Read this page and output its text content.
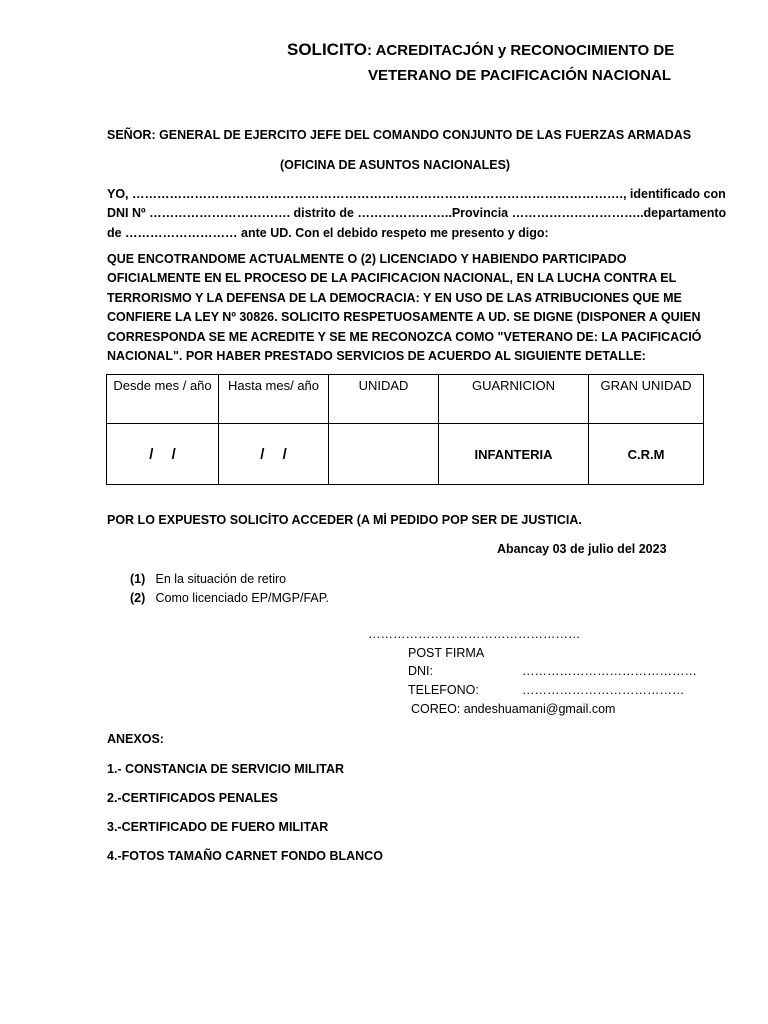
SOLICITO: ACREDITACJÓN y RECONOCIMIENTO DE
VETERANO DE PACIFICACIÓN NACIONAL
SEÑOR: GENERAL DE EJERCITO JEFE DEL COMANDO CONJUNTO DE LAS FUERZAS ARMADAS
(OFICINA DE ASUNTOS NACIONALES)
YO, ………………………………………………………………………………………………………., identificado con
DNI Nº ……………………………. distrito de …………………..Provincia …………………………..departamento
de ……………………… ante UD. Con el debido respeto me presento y digo:
QUE ENCOTRANDOME ACTUALMENTE O (2) LICENCIADO Y HABIENDO PARTICIPADO
OFICIALMENTE EN EL PROCESO DE LA PACIFICACION NACIONAL, EN LA LUCHA CONTRA EL
TERRORISMO Y LA DEFENSA DE LA DEMOCRACIA: Y EN USO DE LAS ATRIBUCIONES QUE ME
CONFIERE LA LEY Nº 30826. SOLICITO RESPETUOSAMENTE A UD. SE DIGNE (DISPONER A QUIEN
CORRESPONDA SE ME ACREDITE Y SE ME RECONOZCA COMO "VETERANO DE: LA PACIFICACIÓ
NACIONAL". POR HABER PRESTADO SERVICIOS DE ACUERDO AL SIGUIENTE DETALLE:
Desde mes / año	Hasta mes/ año	UNIDAD	GUARNICION	GRAN UNIDAD
/ /	/ /		INFANTERIA	C.R.M
POR LO EXPUESTO SOLICİTO ACCEDER (A Mİ PEDIDO POP SER DE JUSTICIA.
Abancay 03 de julio del 2023
(1) En la situación de retiro
(2) Como licenciado EP/MGP/FAP.
……………………………………………
POST FIRMA
DNI:	……………………………………
TELEFONO:	…………………………………
COREO: andeshuamani@gmail.com
ANEXOS:
1.- CONSTANCIA DE SERVICIO MILITAR
2.-CERTIFICADOS PENALES
3.-CERTIFICADO DE FUERO MILITAR
4.-FOTOS TAMAÑO CARNET FONDO BLANCO
